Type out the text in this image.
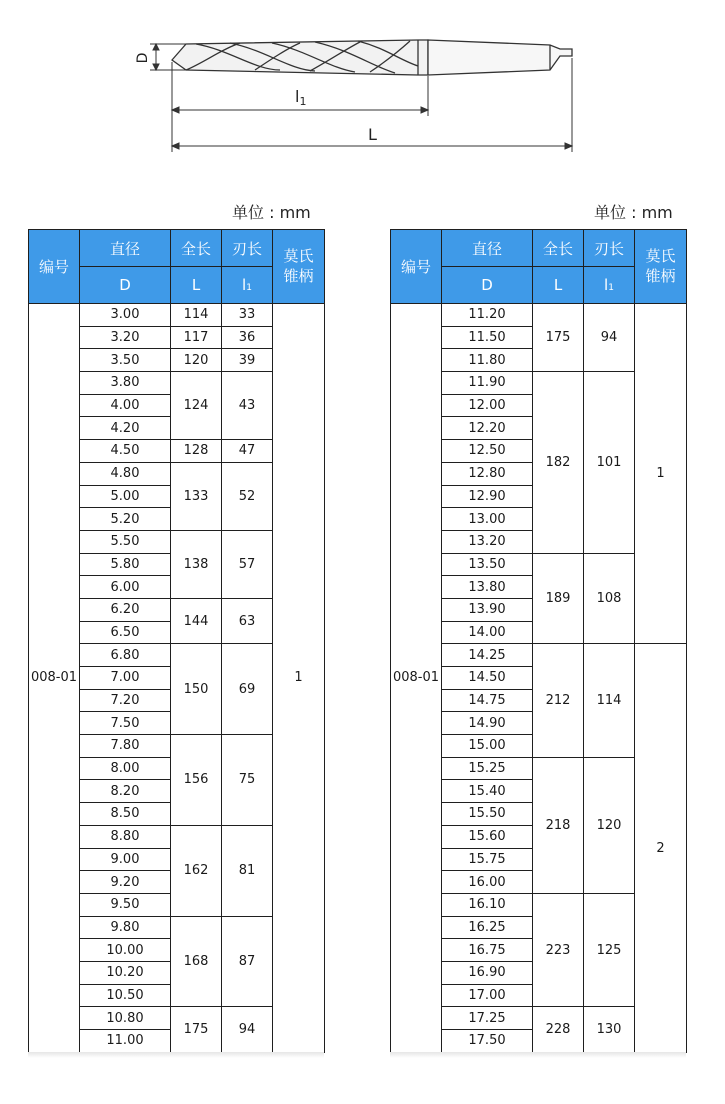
D
l1
L
单位 : mm	单位 : mm
编号	直径	全长	刃长	莫氏锥柄
	D	L	l1	
008-01	3.00	114	33	1
	3.20	117	36	
	3.50	120	39	
	3.80	124	43	
	4.00			
	4.20			
	4.50	128	47	
	4.80	133	52	
	5.00			
	5.20			
	5.50	138	57	
	5.80			
	6.00			
	6.20	144	63	
	6.50			
	6.80	150	69	
	7.00			
	7.20			
	7.50			
	7.80	156	75	
	8.00			
	8.20			
	8.50			
	8.80	162	81	
	9.00			
	9.20			
	9.50			
	9.80	168	87	
	10.00			
	10.20			
	10.50			
	10.80	175	94	
	11.00			
编号	直径	全长	刃长	莫氏锥柄
	D	L	l1	
008-01	11.20	175	94	1
	11.50			
	11.80			
	11.90	182	101	
	12.00			
	12.20			
	12.50			
	12.80			
	12.90			
	13.00			
	13.20			
	13.50	189	108	
	13.80			
	13.90			
	14.00			
	14.25	212	114	2
	14.50			
	14.75			
	14.90			
	15.00			
	15.25	218	120	
	15.40			
	15.50			
	15.60			
	15.75			
	16.00			
	16.10	223	125	
	16.25			
	16.75			
	16.90			
	17.00			
	17.25	228	130	
	17.50			
